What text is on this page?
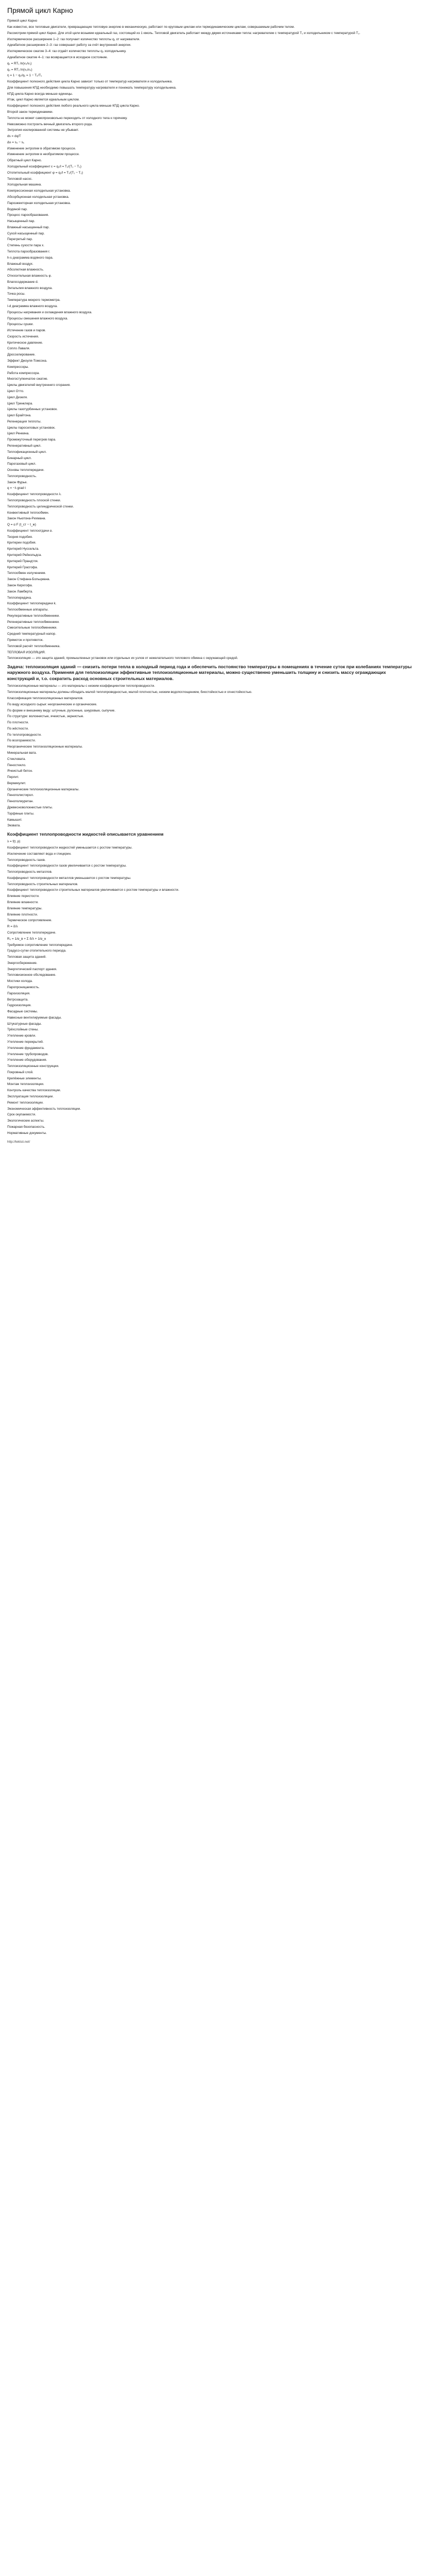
Прямой цикл Карно

Прямой цикл Карно

Как известно, все тепловые двигатели, превращающие тепловую энергию в механическую, работают по круговым циклам или термодинамическим циклам, совершаемым рабочим телом.

Рассмотрим прямой цикл Карно. Для этой цели возьмем идеальный газ, состоящий из 1 кмоль. Тепловой двигатель работает между двумя источниками тепла: нагревателем с температурой T₁ и холодильником с температурой T₂.

Изотермическое расширение 1–2: газ получает количество теплоты q₁ от нагревателя.

Адиабатное расширение 2–3: газ совершает работу за счёт внутренней энергии.

Изотермическое сжатие 3–4: газ отдаёт количество теплоты q₂ холодильнику.

Адиабатное сжатие 4–1: газ возвращается в исходное состояние.

q₁ = RT₁ ln(v₂/v₁)

q₂ = RT₂ ln(v₃/v₄)

η = 1 − q₂/q₁ = 1 − T₂/T₁

Коэффициент полезного действия цикла Карно зависит только от температур нагревателя и холодильника.

Для повышения КПД необходимо повышать температуру нагревателя и понижать температуру холодильника.

КПД цикла Карно всегда меньше единицы.

Итак, цикл Карно является идеальным циклом.

Коэффициент полезного действия любого реального цикла меньше КПД цикла Карно.

Второй закон термодинамики.

Теплота не может самопроизвольно переходить от холодного тела к горячему.

Невозможно построить вечный двигатель второго рода.

Энтропия изолированной системы не убывает.

ds = dq/T

Δs = s₂ − s₁

Изменение энтропии в обратимом процессе.

Изменение энтропии в необратимом процессе.

Обратный цикл Карно.

Холодильный коэффициент ε = q₂/l = T₂/(T₁ − T₂)

Отопительный коэффициент φ = q₁/l = T₁/(T₁ − T₂)

Тепловой насос.

Холодильная машина.

Компрессионная холодильная установка.

Абсорбционная холодильная установка.

Пароэжекторная холодильная установка.

Водяной пар.

Процесс парообразования.

Насыщенный пар.

Влажный насыщенный пар.

Сухой насыщенный пар.

Перегретый пар.

Степень сухости пара x.

Теплота парообразования r.

h-s диаграмма водяного пара.

Влажный воздух.

Абсолютная влажность.

Относительная влажность φ.

Влагосодержание d.

Энтальпия влажного воздуха.

Точка росы.

Температура мокрого термометра.

I-d диаграмма влажного воздуха.

Процессы нагревания и охлаждения влажного воздуха.

Процессы смешения влажного воздуха.

Процессы сушки.

Истечение газов и паров.

Скорость истечения.

Критическое давление.

Сопло Лаваля.

Дросселирование.

Эффект Джоуля-Томсона.

Компрессоры.

Работа компрессора.

Многоступенчатое сжатие.

Циклы двигателей внутреннего сгорания.

Цикл Отто.

Цикл Дизеля.

Цикл Тринклера.

Циклы газотурбинных установок.

Цикл Брайтона.

Регенерация теплоты.

Циклы паросиловых установок.

Цикл Ренкина.

Промежуточный перегрев пара.

Регенеративный цикл.

Теплофикационный цикл.

Бинарный цикл.

Парогазовый цикл.

Основы теплопередачи.

Теплопроводность.

Закон Фурье.

q = −λ grad t

Коэффициент теплопроводности λ.

Теплопроводность плоской стенки.

Теплопроводность цилиндрической стенки.

Конвективный теплообмен.

Закон Ньютона-Рихмана.

Q = α F (t_ст − t_ж)

Коэффициент теплоотдачи α.

Теория подобия.

Критерии подобия.

Критерий Нуссельта.

Критерий Рейнольдса.

Критерий Прандтля.

Критерий Грасгофа.

Теплообмен излучением.

Закон Стефана-Больцмана.

Закон Кирхгофа.

Закон Ламберта.

Теплопередача.

Коэффициент теплопередачи k.

Теплообменные аппараты.

Рекуперативные теплообменники.

Регенеративные теплообменники.

Смесительные теплообменники.

Средний температурный напор.

Прямоток и противоток.

Тепловой расчёт теплообменника.

ТЕПЛОВАЯ ИЗОЛЯЦИЯ.

Теплоизоляция — это защита зданий, промышленных установок или отдельных их узлов от нежелательного теплового обмена с окружающей средой.

Задача: теплоизоляция зданий — снизить потери тепла в холодный период года и обеспечить постоянство температуры в помещениях в течение суток при колебаниях температуры наружного воздуха. Применяя для теплоизоляции эффективные теплоизоляционные материалы, можно существенно уменьшить толщину и снизить массу ограждающих конструкций и, т.о. сократить расход основных строительных материалов.

Теплоизоляционные материалы — это материалы с низким коэффициентом теплопроводности.

Теплоизоляционные материалы должны обладать малой теплопроводностью, малой плотностью, низким водопоглощением, биостойкостью и огнестойкостью.

Классификация теплоизоляционных материалов.

По виду исходного сырья: неорганические и органические.

По форме и внешнему виду: штучные, рулонные, шнуровые, сыпучие.

По структуре: волокнистые, ячеистые, зернистые.

По плотности.

По жёсткости.

По теплопроводности.

По возгораемости.

Неорганические теплоизоляционные материалы.

Минеральная вата.

Стекловата.

Пеностекло.

Ячеистый бетон.

Перлит.

Вермикулит.

Органические теплоизоляционные материалы.

Пенополистирол.

Пенополиуретан.

Древесноволокнистые плиты.

Торфяные плиты.

Камышит.

Эковата.

Коэффициент теплопроводности жидкостей описывается уравнением

λ = f(t, p)

Коэффициент теплопроводности жидкостей уменьшается с ростом температуры.

Исключение составляют вода и глицерин.

Теплопроводность газов.

Коэффициент теплопроводности газов увеличивается с ростом температуры.

Теплопроводность металлов.

Коэффициент теплопроводности металлов уменьшается с ростом температуры.

Теплопроводность строительных материалов.

Коэффициент теплопроводности строительных материалов увеличивается с ростом температуры и влажности.

Влияние пористости.

Влияние влажности.

Влияние температуры.

Влияние плотности.

Термическое сопротивление.

R = δ/λ

Сопротивление теплопередаче.

R₀ = 1/α_в + Σ δ/λ + 1/α_н

Требуемое сопротивление теплопередаче.

Градусо-сутки отопительного периода.

Тепловая защита зданий.

Энергосбережение.

Энергетический паспорт здания.

Тепловизионное обследование.

Мостики холода.

Паропроницаемость.

Пароизоляция.

Ветрозащита.

Гидроизоляция.

Фасадные системы.

Навесные вентилируемые фасады.

Штукатурные фасады.

Трёхслойные стены.

Утепление кровли.

Утепление перекрытий.

Утепление фундамента.

Утепление трубопроводов.

Утепление оборудования.

Теплоизоляционные конструкции.

Покровный слой.

Крепёжные элементы.

Монтаж теплоизоляции.

Контроль качества теплоизоляции.

Эксплуатация теплоизоляции.

Ремонт теплоизоляции.

Экономическая эффективность теплоизоляции.

Срок окупаемости.

Экологические аспекты.

Пожарная безопасность.

Нормативные документы.

http://lektsii.net/
